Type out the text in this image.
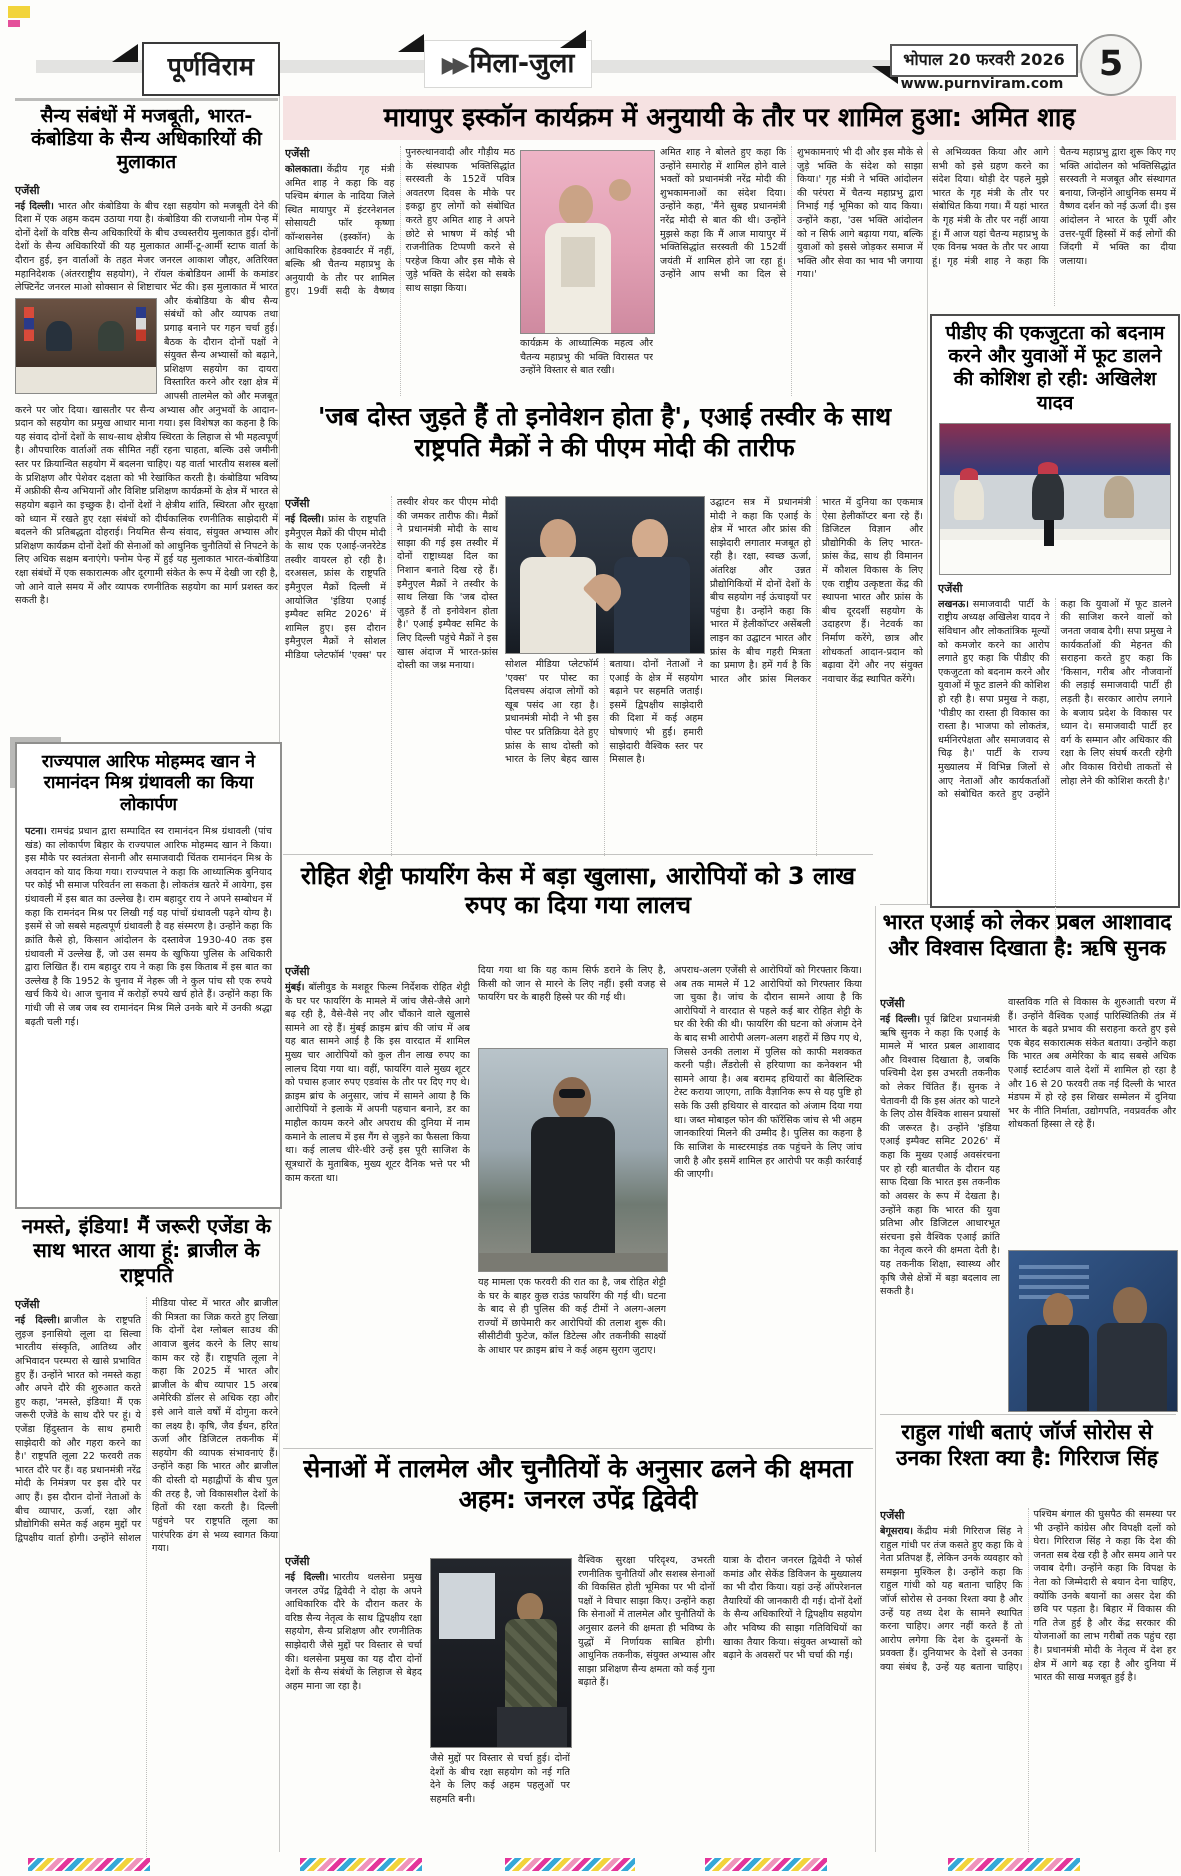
पूर्णविराम	▶▶ मिला-जुला	भोपाल 20 फरवरी 2026
www.purnviram.com	5
सैन्य संबंधों में मजबूती, भारत-कंबोडिया के सैन्य अधिकारियों की मुलाकात
एजेंसी

नई दिल्ली। भारत और कंबोडिया के बीच रक्षा सहयोग को मजबूती देने की दिशा में एक अहम कदम उठाया गया है। कंबोडिया की राजधानी नोम पेन्ह में दोनों देशों के वरिष्ठ सैन्य अधिकारियों के बीच उच्चस्तरीय मुलाकात हुई। दोनों देशों के सैन्य अधिकारियों की यह मुलाकात आर्मी-टू-आर्मी स्टाफ वार्ता के दौरान हुई, इन वार्ताओं के तहत मेजर जनरल आकाश जौहर, अतिरिक्त महानिदेशक (अंतरराष्ट्रीय सहयोग), ने रॉयल कंबोडियन आर्मी के कमांडर लेफ्टिनेंट जनरल माओ सोक्सान से शिष्टाचार भेंट की। इस मुलाकात में भारत और कंबोडिया के बीच सैन्य संबंधों को और व्यापक तथा प्रगाढ़ बनाने पर गहन चर्चा हुई। बैठक के दौरान दोनों पक्षों ने संयुक्त सैन्य अभ्यासों को बढ़ाने, प्रशिक्षण सहयोग का दायरा विस्तारित करने और रक्षा क्षेत्र में आपसी तालमेल को और मजबूत करने पर जोर दिया। खासतौर पर सैन्य अभ्यास और अनुभवों के आदान-प्रदान को सहयोग का प्रमुख आधार माना गया। इस विशेषज्ञ का कहना है कि यह संवाद दोनों देशों के साथ-साथ क्षेत्रीय स्थिरता के लिहाज से भी महत्वपूर्ण है। औपचारिक वार्ताओं तक सीमित नहीं रहना चाहता, बल्कि उसे जमीनी स्तर पर क्रियान्वित सहयोग में बदलना चाहिए। यह वार्ता भारतीय सशस्त्र बलों के प्रशिक्षण और पेशेवर दक्षता को भी रेखांकित करती है। कंबोडिया भविष्य में अफ्रीकी सैन्य अभियानों और विशिष्ट प्रशिक्षण कार्यक्रमों के क्षेत्र में भारत से सहयोग बढ़ाने का इच्छुक है। दोनों देशों ने क्षेत्रीय शांति, स्थिरता और सुरक्षा को ध्यान में रखते हुए रक्षा संबंधों को दीर्घकालिक रणनीतिक साझेदारी में बदलने की प्रतिबद्धता दोहराई। नियमित सैन्य संवाद, संयुक्त अभ्यास और प्रशिक्षण कार्यक्रम दोनों देशों की सेनाओं को आधुनिक चुनौतियों से निपटने के लिए अधिक सक्षम बनाएंगे। फ्नोम पेन्ह में हुई यह मुलाकात भारत-कंबोडिया रक्षा संबंधों में एक सकारात्मक और दूरगामी संकेत के रूप में देखी जा रही है, जो आने वाले समय में और व्यापक रणनीतिक सहयोग का मार्ग प्रशस्त कर सकती है।

राज्यपाल आरिफ मोहम्मद खान ने रामानंदन मिश्र ग्रंथावली का किया लोकार्पण

पटना। रामचंद्र प्रधान द्वारा सम्पादित स्व रामानंदन मिश्र ग्रंथावली (पांच खंड) का लोकार्पण बिहार के राज्यपाल आरिफ मोहम्मद खान ने किया। इस मौके पर स्वतंत्रता सेनानी और समाजवादी चिंतक रामानंदन मिश्र के अवदान को याद किया गया। राज्यपाल ने कहा कि आध्यात्मिक बुनियाद पर कोई भी समाज परिवर्तन ला सकता है। लोकतंत्र खतरे में आयेगा, इस ग्रंथावली में इस बात का उल्लेख है। राम बहादुर राय ने अपने सम्बोधन में कहा कि रामनंदन मिश्र पर लिखी गई यह पांचों ग्रंथावली पढ़ने योग्य है। इसमें से जो सबसे महत्वपूर्ण ग्रंथावली है वह संस्मरण है। उन्होंने कहा कि क्रांति कैसे हो, किसान आंदोलन के दस्तावेज 1930-40 तक इस ग्रंथावली में उल्लेख हैं, जो उस समय के खुफिया पुलिस के अधिकारी द्वारा लिखित हैं। राम बहादुर राय ने कहा कि इस किताब में इस बात का उल्लेख है कि 1952 के चुनाव में नेहरू जी ने कुल पांच सौ एक रुपये खर्च किये थे। आज चुनाव में करोड़ों रुपये खर्च होते हैं। उन्होंने कहा कि गांधी जी से जब जब स्व रामानंदन मिश्र मिले उनके बारे में उनकी श्रद्धा बढ़ती चली गई।

नमस्ते, इंडिया! मैं जरूरी एजेंडा के साथ भारत आया हूं: ब्राजील के राष्ट्रपति
एजेंसी

नई दिल्ली। ब्राजील के राष्ट्रपति लुइज इनासियो लूला दा सिल्वा भारतीय संस्कृति, आतिथ्य और अभिवादन परम्परा से खासे प्रभावित हुए हैं। उन्होंने भारत को नमस्ते कहा और अपने दौरे की शुरुआत करते हुए कहा, 'नमस्ते, इंडिया! मैं एक जरूरी एजेंडे के साथ दौरे पर हूं। ये एजेंडा हिंदुस्तान के साथ हमारी साझेदारी को और गहरा करने का है।' राष्ट्रपति लूला 22 फरवरी तक भारत दौरे पर हैं। वह प्रधानमंत्री नरेंद्र मोदी के निमंत्रण पर इस दौरे पर आए हैं। इस दौरान दोनों नेताओं के बीच व्यापार, ऊर्जा, रक्षा और प्रौद्योगिकी समेत कई अहम मुद्दों पर द्विपक्षीय वार्ता होगी। उन्होंने सोशल मीडिया पोस्ट में भारत और ब्राजील की मित्रता का जिक्र करते हुए लिखा कि दोनों देश ग्लोबल साउथ की आवाज बुलंद करने के लिए साथ काम कर रहे हैं। राष्ट्रपति लूला ने कहा कि 2025 में भारत और ब्राजील के बीच व्यापार 15 अरब अमेरिकी डॉलर से अधिक रहा और इसे आने वाले वर्षों में दोगुना करने का लक्ष्य है। कृषि, जैव ईंधन, हरित ऊर्जा और डिजिटल तकनीक में सहयोग की व्यापक संभावनाएं हैं। उन्होंने कहा कि भारत और ब्राजील की दोस्ती दो महाद्वीपों के बीच पुल की तरह है, जो विकासशील देशों के हितों की रक्षा करती है। दिल्ली पहुंचने पर राष्ट्रपति लूला का पारंपरिक ढंग से भव्य स्वागत किया गया।

मायापुर इस्कॉन कार्यक्रम में अनुयायी के तौर पर शामिल हुआ: अमित शाह
एजेंसी

कोलकाता। केंद्रीय गृह मंत्री अमित शाह ने कहा कि वह पश्चिम बंगाल के नादिया जिले स्थित मायापुर में इंटरनेशनल सोसायटी फॉर कृष्णा कॉन्शसनेस (इस्कॉन) के आधिकारिक हेडक्वार्टर में नहीं, बल्कि श्री चैतन्य महाप्रभु के अनुयायी के तौर पर शामिल हुए। 19वीं सदी के वैष्णव पुनरुत्थानवादी और गौड़ीय मठ के संस्थापक भक्तिसिद्धांत सरस्वती के 152वें पवित्र अवतरण दिवस के मौके पर इकट्ठा हुए लोगों को संबोधित करते हुए अमित शाह ने अपने छोटे से भाषण में कोई भी राजनीतिक टिप्पणी करने से परहेज किया और इस मौके से जुड़े भक्ति के संदेश को सबके साथ साझा किया।

कार्यक्रम के आध्यात्मिक महत्व और चैतन्य महाप्रभु की भक्ति विरासत पर उन्होंने विस्तार से बात रखी।

अमित शाह ने बोलते हुए कहा कि उन्होंने समारोह में शामिल होने वाले भक्तों को प्रधानमंत्री नरेंद्र मोदी की शुभकामनाओं का संदेश दिया। उन्होंने कहा, 'मैंने सुबह प्रधानमंत्री नरेंद्र मोदी से बात की थी। उन्होंने मुझसे कहा कि मैं आज मायापुर में भक्तिसिद्धांत सरस्वती की 152वीं जयंती में शामिल होने जा रहा हूं। उन्होंने आप सभी का दिल से शुभकामनाएं भी दी और इस मौके से जुड़े भक्ति के संदेश को साझा किया।' गृह मंत्री ने भक्ति आंदोलन की परंपरा में चैतन्य महाप्रभु द्वारा निभाई गई भूमिका को याद किया। उन्होंने कहा, 'उस भक्ति आंदोलन को न सिर्फ आगे बढ़ाया गया, बल्कि युवाओं को इससे जोड़कर समाज में भक्ति और सेवा का भाव भी जगाया गया।'

से अभिव्यक्त किया और आगे सभी को इसे ग्रहण करने का संदेश दिया। थोड़ी देर पहले मुझे भारत के गृह मंत्री के तौर पर संबोधित किया गया। मैं यहां भारत के गृह मंत्री के तौर पर नहीं आया हूं। मैं आज यहां चैतन्य महाप्रभु के एक विनम्र भक्त के तौर पर आया हूं। गृह मंत्री शाह ने कहा कि चैतन्य महाप्रभु द्वारा शुरू किए गए भक्ति आंदोलन को भक्तिसिद्धांत सरस्वती ने मजबूत और संस्थागत बनाया, जिन्होंने आधुनिक समय में वैष्णव दर्शन को नई ऊर्जा दी। इस आंदोलन ने भारत के पूर्वी और उत्तर-पूर्वी हिस्सों में कई लोगों की जिंदगी में भक्ति का दीया जलाया।

'जब दोस्त जुड़ते हैं तो इनोवेशन होता है', एआई तस्वीर के साथ राष्ट्रपति मैक्रों ने की पीएम मोदी की तारीफ
एजेंसी

नई दिल्ली। फ्रांस के राष्ट्रपति इमैनुएल मैक्रों की पीएम मोदी के साथ एक एआई-जनरेटेड तस्वीर वायरल हो रही है। दरअसल, फ्रांस के राष्ट्रपति इमैनुएल मैक्रों दिल्ली में आयोजित 'इंडिया एआई इम्पैक्ट समिट 2026' में शामिल हुए। इस दौरान इमैनुएल मैक्रों ने सोशल मीडिया प्लेटफॉर्म 'एक्स' पर तस्वीर शेयर कर पीएम मोदी की जमकर तारीफ की। मैक्रों ने प्रधानमंत्री मोदी के साथ साझा की गई इस तस्वीर में दोनों राष्ट्राध्यक्ष दिल का निशान बनाते दिख रहे हैं। इमैनुएल मैक्रों ने तस्वीर के साथ लिखा कि 'जब दोस्त जुड़ते हैं तो इनोवेशन होता है।' एआई इम्पैक्ट समिट के लिए दिल्ली पहुंचे मैक्रों ने इस खास अंदाज में भारत-फ्रांस दोस्ती का जश्न मनाया।	सोशल मीडिया प्लेटफॉर्म 'एक्स' पर पोस्ट का दिलचस्प अंदाज लोगों को खूब पसंद आ रहा है। प्रधानमंत्री मोदी ने भी इस पोस्ट पर प्रतिक्रिया देते हुए फ्रांस के साथ दोस्ती को भारत के लिए बेहद खास बताया। दोनों नेताओं ने एआई के क्षेत्र में सहयोग बढ़ाने पर सहमति जताई। इसमें द्विपक्षीय साझेदारी की दिशा में कई अहम घोषणाएं भी हुईं। हमारी साझेदारी वैश्विक स्तर पर मिसाल है।

उद्घाटन सत्र में प्रधानमंत्री मोदी ने कहा कि एआई के क्षेत्र में भारत और फ्रांस की साझेदारी लगातार मजबूत हो रही है। रक्षा, स्वच्छ ऊर्जा, अंतरिक्ष और उन्नत प्रौद्योगिकियों में दोनों देशों के बीच सहयोग नई ऊंचाइयों पर पहुंचा है। उन्होंने कहा कि भारत में हेलीकॉप्टर असेंबली लाइन का उद्घाटन भारत और फ्रांस के बीच गहरी मित्रता का प्रमाण है। हमें गर्व है कि भारत और फ्रांस मिलकर भारत में दुनिया का एकमात्र ऐसा हेलीकॉप्टर बना रहे हैं। डिजिटल विज्ञान और प्रौद्योगिकी के लिए भारत-फ्रांस केंद्र, साथ ही विमानन में कौशल विकास के लिए एक राष्ट्रीय उत्कृष्टता केंद्र की स्थापना भारत और फ्रांस के बीच दूरदर्शी सहयोग के उदाहरण हैं। नेटवर्क का निर्माण करेंगे, छात्र और शोधकर्ता आदान-प्रदान को बढ़ावा देंगे और नए संयुक्त नवाचार केंद्र स्थापित करेंगे।

पीडीए की एकजुटता को बदनाम करने और युवाओं में फूट डालने की कोशिश हो रही: अखिलेश यादव
एजेंसी

लखनऊ। समाजवादी पार्टी के राष्ट्रीय अध्यक्ष अखिलेश यादव ने संविधान और लोकतांत्रिक मूल्यों को कमजोर करने का आरोप लगाते हुए कहा कि पीडीए की एकजुटता को बदनाम करने और युवाओं में फूट डालने की कोशिश हो रही है। सपा प्रमुख ने कहा, 'पीडीए का रास्ता ही विकास का रास्ता है। भाजपा को लोकतंत्र, धर्मनिरपेक्षता और समाजवाद से चिढ़ है।' पार्टी के राज्य मुख्यालय में विभिन्न जिलों से आए नेताओं और कार्यकर्ताओं को संबोधित करते हुए उन्होंने कहा कि युवाओं में फूट डालने की साजिश करने वालों को जनता जवाब देगी। सपा प्रमुख ने कार्यकर्ताओं की मेहनत की सराहना करते हुए कहा कि 'किसान, गरीब और नौजवानों की लड़ाई समाजवादी पार्टी ही लड़ती है। सरकार आरोप लगाने के बजाय प्रदेश के विकास पर ध्यान दे। समाजवादी पार्टी हर वर्ग के सम्मान और अधिकार की रक्षा के लिए संघर्ष करती रहेगी और विकास विरोधी ताकतों से लोहा लेने की कोशिश करती है।'

रोहित शेट्टी फायरिंग केस में बड़ा खुलासा, आरोपियों को 3 लाख रुपए का दिया गया लालच
एजेंसी

मुंबई। बॉलीवुड के मशहूर फिल्म निर्देशक रोहित शेट्टी के घर पर फायरिंग के मामले में जांच जैसे-जैसे आगे बढ़ रही है, वैसे-वैसे नए और चौंकाने वाले खुलासे सामने आ रहे हैं। मुंबई क्राइम ब्रांच की जांच में अब यह बात सामने आई है कि इस वारदात में शामिल मुख्य चार आरोपियों को कुल तीन लाख रुपए का लालच दिया गया था। वहीं, फायरिंग वाले मुख्य शूटर को पचास हजार रुपए एडवांस के तौर पर दिए गए थे। क्राइम ब्रांच के अनुसार, जांच में सामने आया है कि आरोपियों ने इलाके में अपनी पहचान बनाने, डर का माहौल कायम करने और अपराध की दुनिया में नाम कमाने के लालच में इस गैंग से जुड़ने का फैसला किया था। कई लालच धीरे-धीरे उन्हें इस पूरी साजिश के सूत्रधारों के मुताबिक, मुख्य शूटर दैनिक भत्ते पर भी काम करता था।

दिया गया था कि यह काम सिर्फ डराने के लिए है, किसी को जान से मारने के लिए नहीं। इसी वजह से फायरिंग घर के बाहरी हिस्से पर की गई थी।

यह मामला एक फरवरी की रात का है, जब रोहित शेट्टी के घर के बाहर कुछ राउंड फायरिंग की गई थी। घटना के बाद से ही पुलिस की कई टीमों ने अलग-अलग राज्यों में छापेमारी कर आरोपियों की तलाश शुरू की। सीसीटीवी फुटेज, कॉल डिटेल्स और तकनीकी साक्ष्यों के आधार पर क्राइम ब्रांच ने कई अहम सुराग जुटाए।

अपराध-अलग एजेंसी से आरोपियों को गिरफ्तार किया। अब तक मामले में 12 आरोपियों को गिरफ्तार किया जा चुका है। जांच के दौरान सामने आया है कि आरोपियों ने वारदात से पहले कई बार रोहित शेट्टी के घर की रेकी की थी। फायरिंग की घटना को अंजाम देने के बाद सभी आरोपी अलग-अलग शहरों में छिप गए थे, जिससे उनकी तलाश में पुलिस को काफी मशक्कत करनी पड़ी। लैंडरोली से हरियाणा का कनेक्शन भी सामने आया है। अब बरामद हथियारों का बैलिस्टिक टेस्ट कराया जाएगा, ताकि वैज्ञानिक रूप से यह पुष्टि हो सके कि उसी हथियार से वारदात को अंजाम दिया गया था। जब्त मोबाइल फोन की फॉरेंसिक जांच से भी अहम जानकारियां मिलने की उम्मीद है। पुलिस का कहना है कि साजिश के मास्टरमाइंड तक पहुंचने के लिए जांच जारी है और इसमें शामिल हर आरोपी पर कड़ी कार्रवाई की जाएगी।

भारत एआई को लेकर प्रबल आशावाद और विश्वास दिखाता है: ऋषि सुनक
एजेंसी

नई दिल्ली। पूर्व ब्रिटिश प्रधानमंत्री ऋषि सुनक ने कहा कि एआई के मामले में भारत प्रबल आशावाद और विश्वास दिखाता है, जबकि पश्चिमी देश इस उभरती तकनीक को लेकर चिंतित हैं। सुनक ने चेतावनी दी कि इस अंतर को पाटने के लिए ठोस वैश्विक शासन प्रयासों की जरूरत है। उन्होंने 'इंडिया एआई इम्पैक्ट समिट 2026' में कहा कि मुख्य एआई अवसंरचना पर हो रही बातचीत के दौरान यह साफ दिखा कि भारत इस तकनीक को अवसर के रूप में देखता है। उन्होंने कहा कि भारत की युवा प्रतिभा और डिजिटल आधारभूत संरचना इसे वैश्विक एआई क्रांति का नेतृत्व करने की क्षमता देती है। यह तकनीक शिक्षा, स्वास्थ्य और कृषि जैसे क्षेत्रों में बड़ा बदलाव ला सकती है।

वास्तविक गति से विकास के शुरुआती चरण में हैं। उन्होंने वैश्विक एआई पारिस्थितिकी तंत्र में भारत के बढ़ते प्रभाव की सराहना करते हुए इसे एक बेहद सकारात्मक संकेत बताया। उन्होंने कहा कि भारत अब अमेरिका के बाद सबसे अधिक एआई स्टार्टअप वाले देशों में शामिल हो रहा है और 16 से 20 फरवरी तक नई दिल्ली के भारत मंडपम में हो रहे इस शिखर सम्मेलन में दुनिया भर के नीति निर्माता, उद्योगपति, नवप्रवर्तक और शोधकर्ता हिस्सा ले रहे हैं।

राहुल गांधी बताएं जॉर्ज सोरोस से उनका रिश्ता क्या है: गिरिराज सिंह
एजेंसी

बेगूसराय। केंद्रीय मंत्री गिरिराज सिंह ने राहुल गांधी पर तंज कसते हुए कहा कि वे नेता प्रतिपक्ष हैं, लेकिन उनके व्यवहार को समझना मुश्किल है। उन्होंने कहा कि राहुल गांधी को यह बताना चाहिए कि जॉर्ज सोरोस से उनका रिश्ता क्या है और उन्हें यह तथ्य देश के सामने स्थापित करना चाहिए। अगर नहीं करते हैं तो आरोप लगेगा कि देश के दुश्मनों के प्रवक्ता हैं। दुनियाभर के देशों से उनका क्या संबंध है, उन्हें यह बताना चाहिए। पश्चिम बंगाल की घुसपैठ की समस्या पर भी उन्होंने कांग्रेस और विपक्षी दलों को घेरा। गिरिराज सिंह ने कहा कि देश की जनता सब देख रही है और समय आने पर जवाब देगी। उन्होंने कहा कि विपक्ष के नेता को जिम्मेदारी से बयान देना चाहिए, क्योंकि उनके बयानों का असर देश की छवि पर पड़ता है। बिहार में विकास की गति तेज हुई है और केंद्र सरकार की योजनाओं का लाभ गरीबों तक पहुंच रहा है। प्रधानमंत्री मोदी के नेतृत्व में देश हर क्षेत्र में आगे बढ़ रहा है और दुनिया में भारत की साख मजबूत हुई है।

सेनाओं में तालमेल और चुनौतियों के अनुसार ढलने की क्षमता अहम: जनरल उपेंद्र द्विवेदी
एजेंसी

नई दिल्ली। भारतीय थलसेना प्रमुख जनरल उपेंद्र द्विवेदी ने दोहा के अपने आधिकारिक दौरे के दौरान कतर के वरिष्ठ सैन्य नेतृत्व के साथ द्विपक्षीय रक्षा सहयोग, सैन्य प्रशिक्षण और रणनीतिक साझेदारी जैसे मुद्दों पर विस्तार से चर्चा की। थलसेना प्रमुख का यह दौरा दोनों देशों के सैन्य संबंधों के लिहाज से बेहद अहम माना जा रहा है।

जैसे मुद्दों पर विस्तार से चर्चा हुई। दोनों देशों के बीच रक्षा सहयोग को नई गति देने के लिए कई अहम पहलुओं पर सहमति बनी।

वैश्विक सुरक्षा परिदृश्य, उभरती रणनीतिक चुनौतियों और सशस्त्र सेनाओं की विकसित होती भूमिका पर भी दोनों पक्षों ने विचार साझा किए। उन्होंने कहा कि सेनाओं में तालमेल और चुनौतियों के अनुसार ढलने की क्षमता ही भविष्य के युद्धों में निर्णायक साबित होगी। आधुनिक तकनीक, संयुक्त अभ्यास और साझा प्रशिक्षण सैन्य क्षमता को कई गुना बढ़ाते हैं।

यात्रा के दौरान जनरल द्विवेदी ने फोर्स कमांड और सेकेंड डिविजन के मुख्यालय का भी दौरा किया। यहां उन्हें ऑपरेशनल तैयारियों की जानकारी दी गई। दोनों देशों के सैन्य अधिकारियों ने द्विपक्षीय सहयोग और भविष्य की साझा गतिविधियों का खाका तैयार किया। संयुक्त अभ्यासों को बढ़ाने के अवसरों पर भी चर्चा की गई।
